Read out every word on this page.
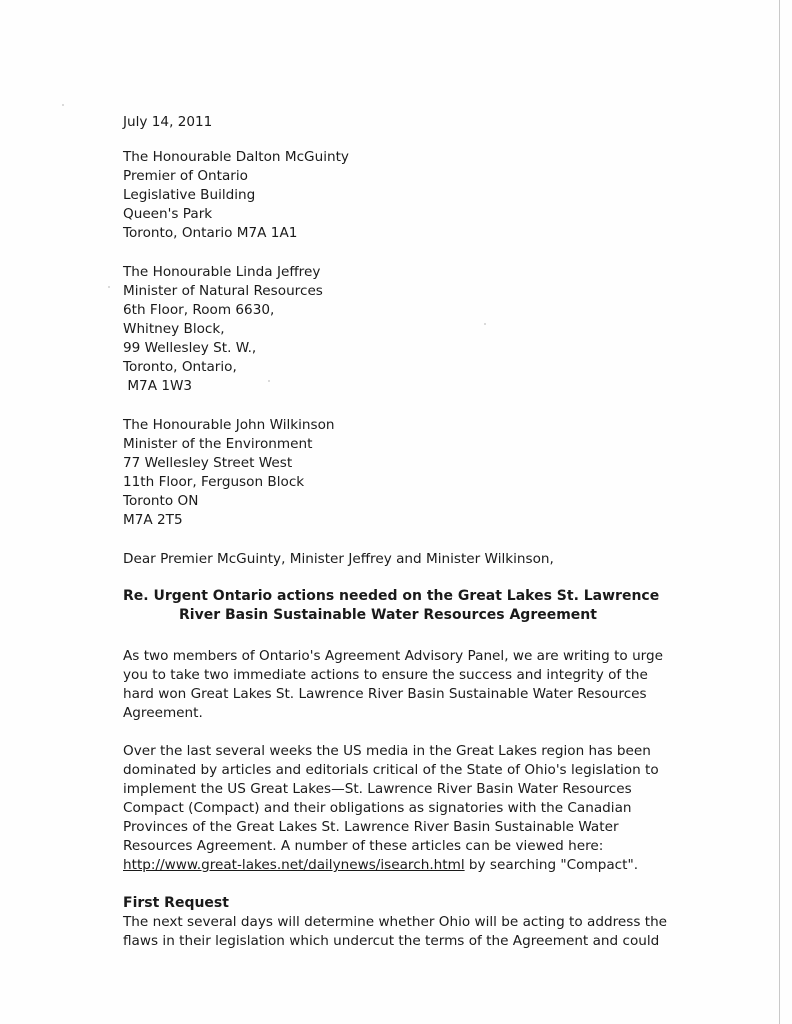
July 14, 2011
The Honourable Dalton McGuinty
Premier of Ontario
Legislative Building
Queen's Park
Toronto, Ontario M7A 1A1
The Honourable Linda Jeffrey
Minister of Natural Resources
6th Floor, Room 6630,
Whitney Block,
99 Wellesley St. W.,
Toronto, Ontario,
M7A 1W3
The Honourable John Wilkinson
Minister of the Environment
77 Wellesley Street West
11th Floor, Ferguson Block
Toronto ON
M7A 2T5
Dear Premier McGuinty, Minister Jeffrey and Minister Wilkinson,
Re. Urgent Ontario actions needed on the Great Lakes St. Lawrence
River Basin Sustainable Water Resources Agreement
As two members of Ontario's Agreement Advisory Panel, we are writing to urge
you to take two immediate actions to ensure the success and integrity of the
hard won Great Lakes St. Lawrence River Basin Sustainable Water Resources
Agreement.
Over the last several weeks the US media in the Great Lakes region has been
dominated by articles and editorials critical of the State of Ohio's legislation to
implement the US Great Lakes—St. Lawrence River Basin Water Resources
Compact (Compact) and their obligations as signatories with the Canadian
Provinces of the Great Lakes St. Lawrence River Basin Sustainable Water
Resources Agreement. A number of these articles can be viewed here:
http://www.great-lakes.net/dailynews/isearch.html by searching "Compact".
First Request
The next several days will determine whether Ohio will be acting to address the
flaws in their legislation which undercut the terms of the Agreement and could
